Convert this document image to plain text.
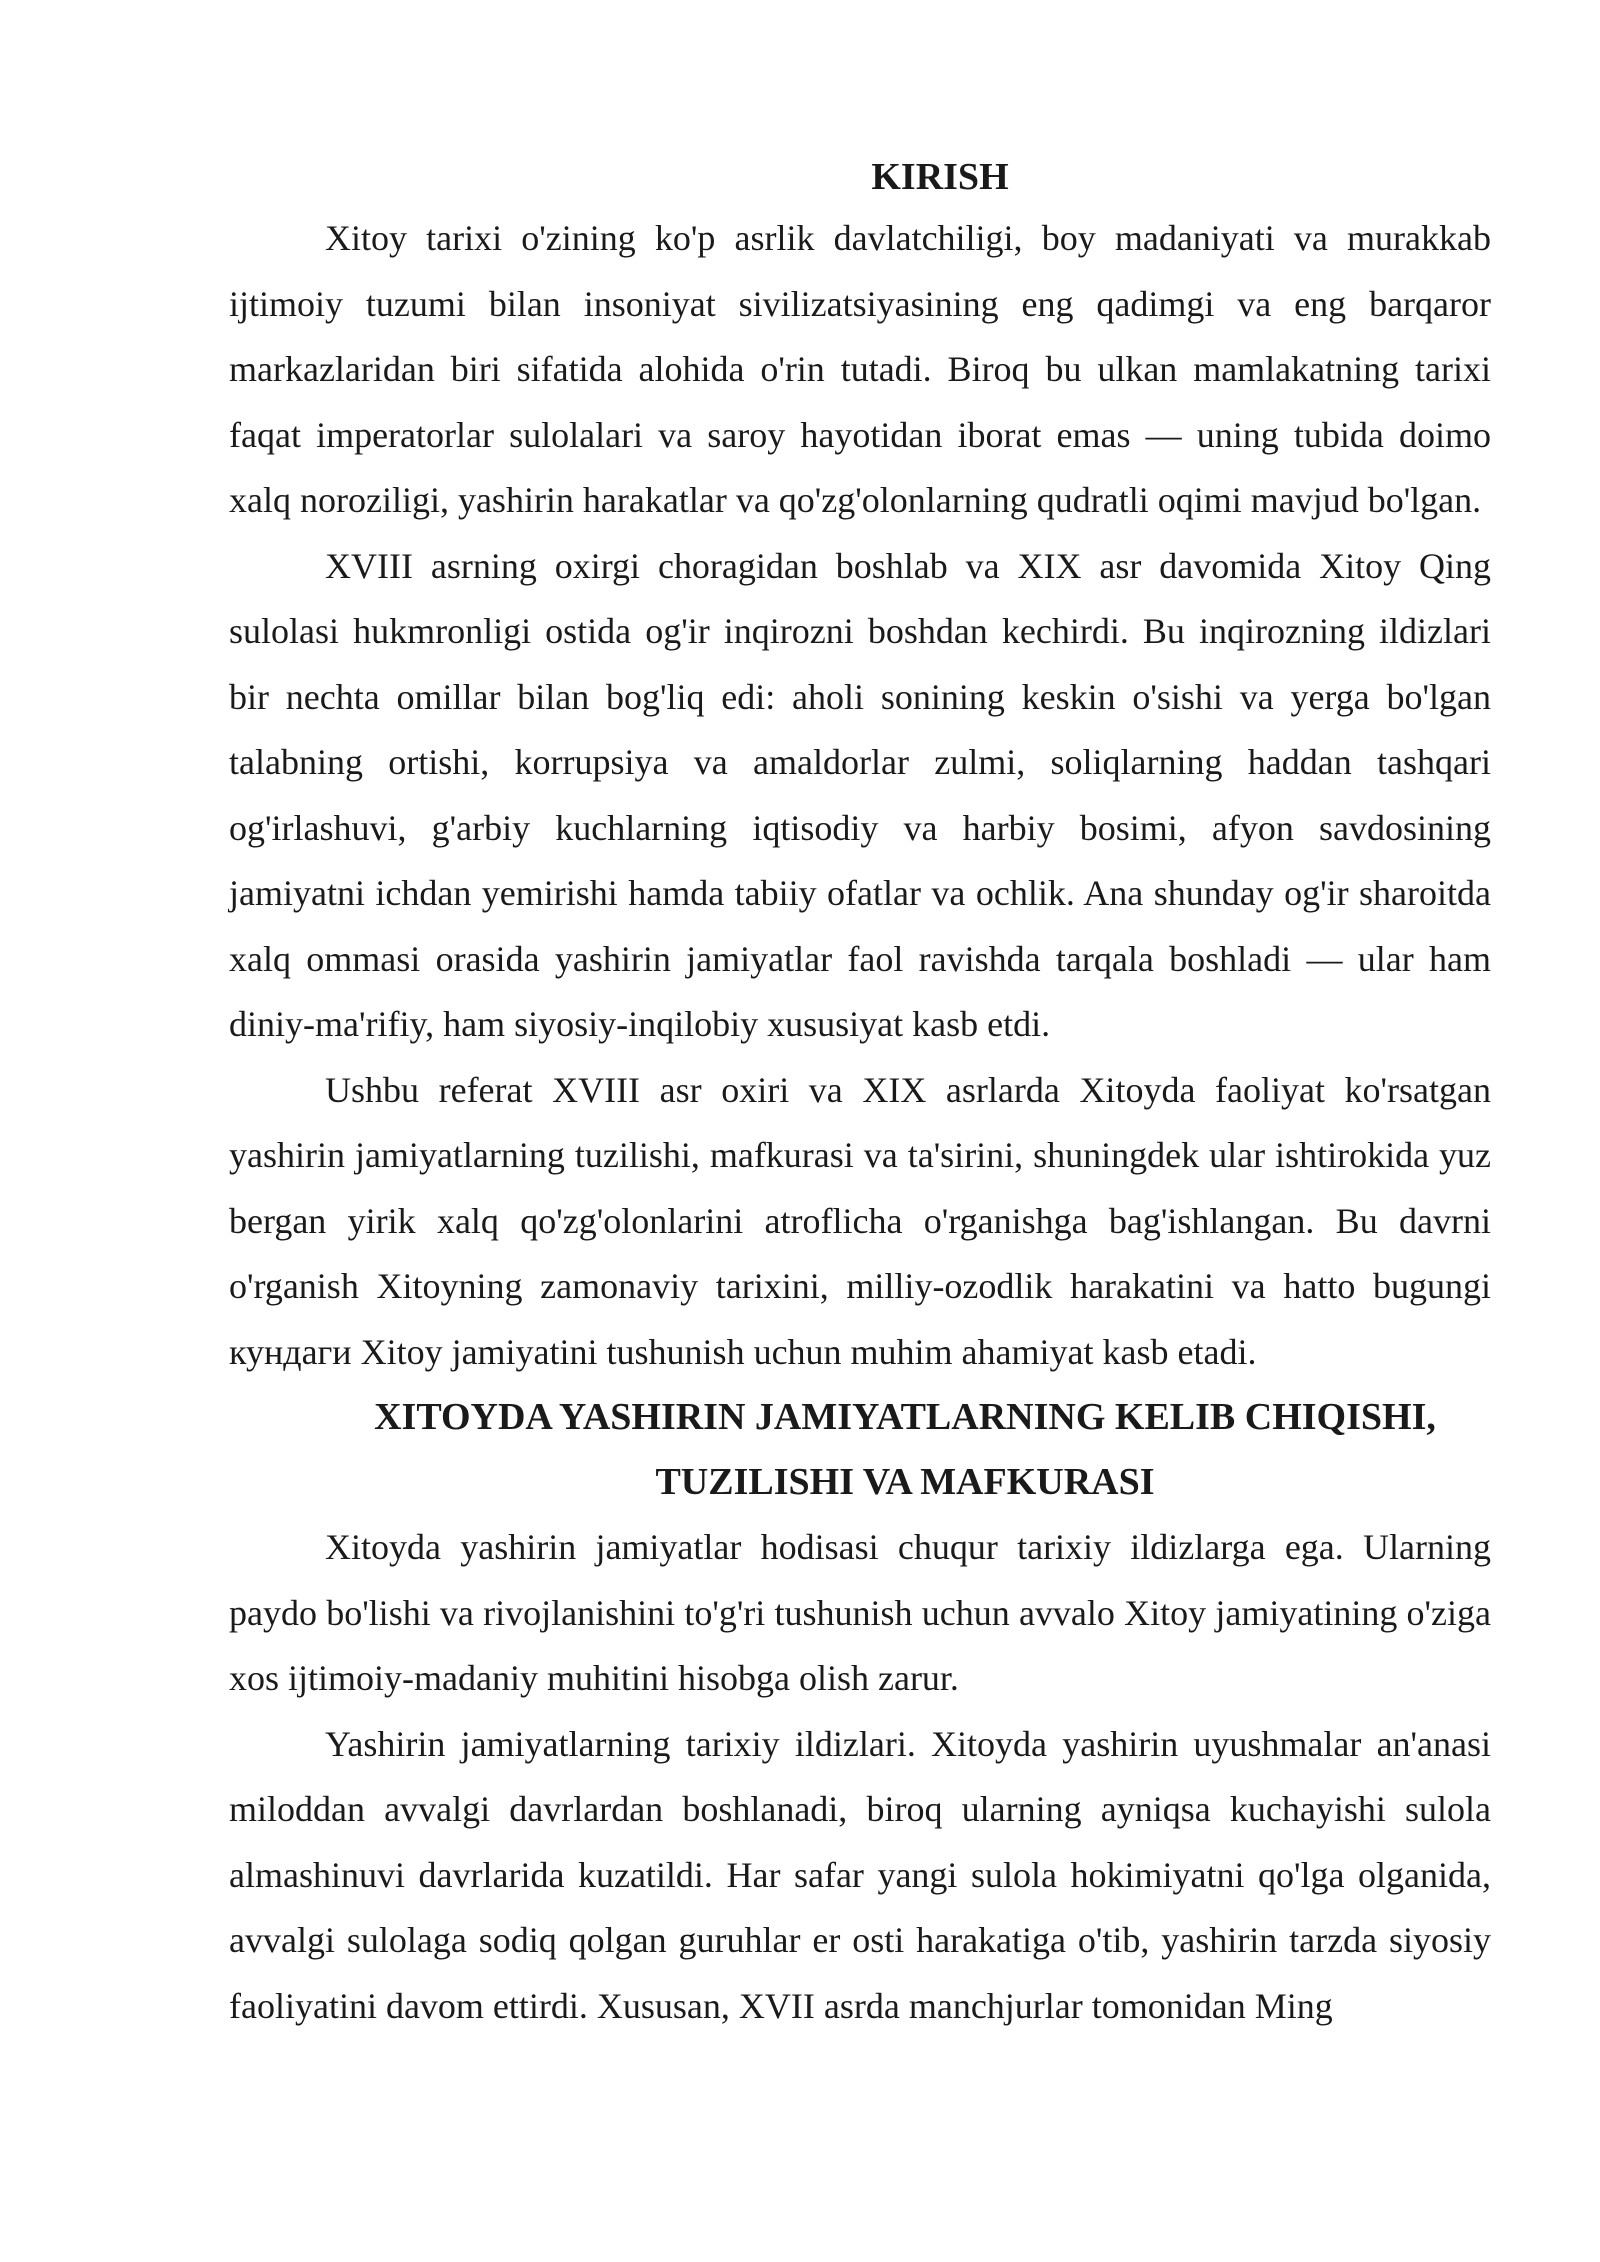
KIRISH

Xitoy tarixi o'zining ko'p asrlik davlatchiligi, boy madaniyati va murakkab ijtimoiy tuzumi bilan insoniyat sivilizatsiyasining eng qadimgi va eng barqaror markazlaridan biri sifatida alohida o'rin tutadi. Biroq bu ulkan mamlakatning tarixi faqat imperatorlar sulolalari va saroy hayotidan iborat emas — uning tubida doimo xalq noroziligi, yashirin harakatlar va qo'zg'olonlarning qudratli oqimi mavjud bo'lgan.

XVIII asrning oxirgi choragidan boshlab va XIX asr davomida Xitoy Qing sulolasi hukmronligi ostida og'ir inqirozni boshdan kechirdi. Bu inqirozning ildizlari bir nechta omillar bilan bog'liq edi: aholi sonining keskin o'sishi va yerga bo'lgan talabning ortishi, korrupsiya va amaldorlar zulmi, soliqlarning haddan tashqari og'irlashuvi, g'arbiy kuchlarning iqtisodiy va harbiy bosimi, afyon savdosining jamiyatni ichdan yemirishi hamda tabiiy ofatlar va ochlik. Ana shunday og'ir sharoitda xalq ommasi orasida yashirin jamiyatlar faol ravishda tarqala boshladi — ular ham diniy-ma'rifiy, ham siyosiy-inqilobiy xususiyat kasb etdi.

Ushbu referat XVIII asr oxiri va XIX asrlarda Xitoyda faoliyat ko'rsatgan yashirin jamiyatlarning tuzilishi, mafkurasi va ta'sirini, shuningdek ular ishtirokida yuz bergan yirik xalq qo'zg'olonlarini atroflicha o'rganishga bag'ishlangan. Bu davrni o'rganish Xitoyning zamonaviy tarixini, milliy-ozodlik harakatini va hatto bugungi кундаги Xitoy jamiyatini tushunish uchun muhim ahamiyat kasb etadi.

XITOYDA YASHIRIN JAMIYATLARNING KELIB CHIQISHI,
TUZILISHI VA MAFKURASI

Xitoyda yashirin jamiyatlar hodisasi chuqur tarixiy ildizlarga ega. Ularning paydo bo'lishi va rivojlanishini to'g'ri tushunish uchun avvalo Xitoy jamiyatining o'ziga xos ijtimoiy-madaniy muhitini hisobga olish zarur.

Yashirin jamiyatlarning tarixiy ildizlari. Xitoyda yashirin uyushmalar an'anasi miloddan avvalgi davrlardan boshlanadi, biroq ularning ayniqsa kuchayishi sulola almashinuvi davrlarida kuzatildi. Har safar yangi sulola hokimiyatni qo'lga olganida, avvalgi sulolaga sodiq qolgan guruhlar er osti harakatiga o'tib, yashirin tarzda siyosiy faoliyatini davom ettirdi. Xususan, XVII asrda manchjurlar tomonidan Ming
